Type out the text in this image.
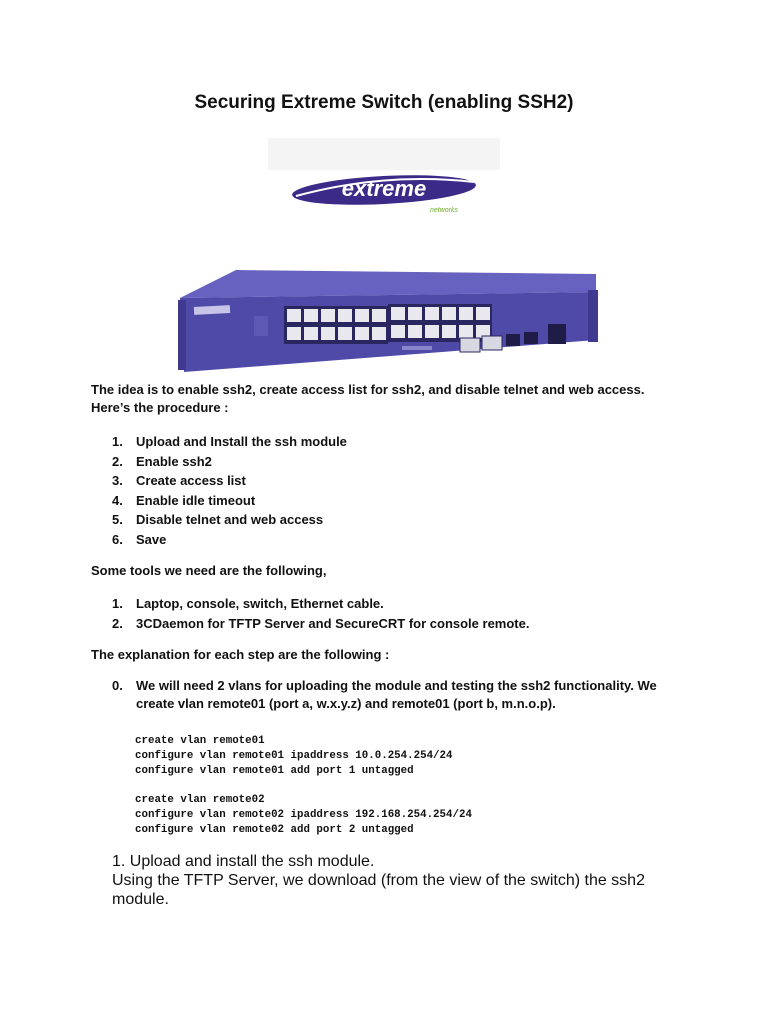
Securing Extreme Switch (enabling SSH2)
extreme
networks

The idea is to enable ssh2, create access list for ssh2, and disable telnet and web access. Here’s the procedure :

1.	Upload and Install the ssh module
2.	Enable ssh2
3.	Create access list
4.	Enable idle timeout
5.	Disable telnet and web access
6.	Save

Some tools we need are the following,

1.	Laptop, console, switch, Ethernet cable.
2.	3CDaemon for TFTP Server and SecureCRT for console remote.

The explanation for each step are the following :

0.	We will need 2 vlans for uploading the module and testing the ssh2 functionality. We create vlan remote01 (port a, w.x.y.z) and remote01 (port b, m.n.o.p).
create vlan remote01
configure vlan remote01 ipaddress 10.0.254.254/24
configure vlan remote01 add port 1 untagged
create vlan remote02
configure vlan remote02 ipaddress 192.168.254.254/24
configure vlan remote02 add port 2 untagged
1. Upload and install the ssh module.
Using the TFTP Server, we download (from the view of the switch) the ssh2 module.
